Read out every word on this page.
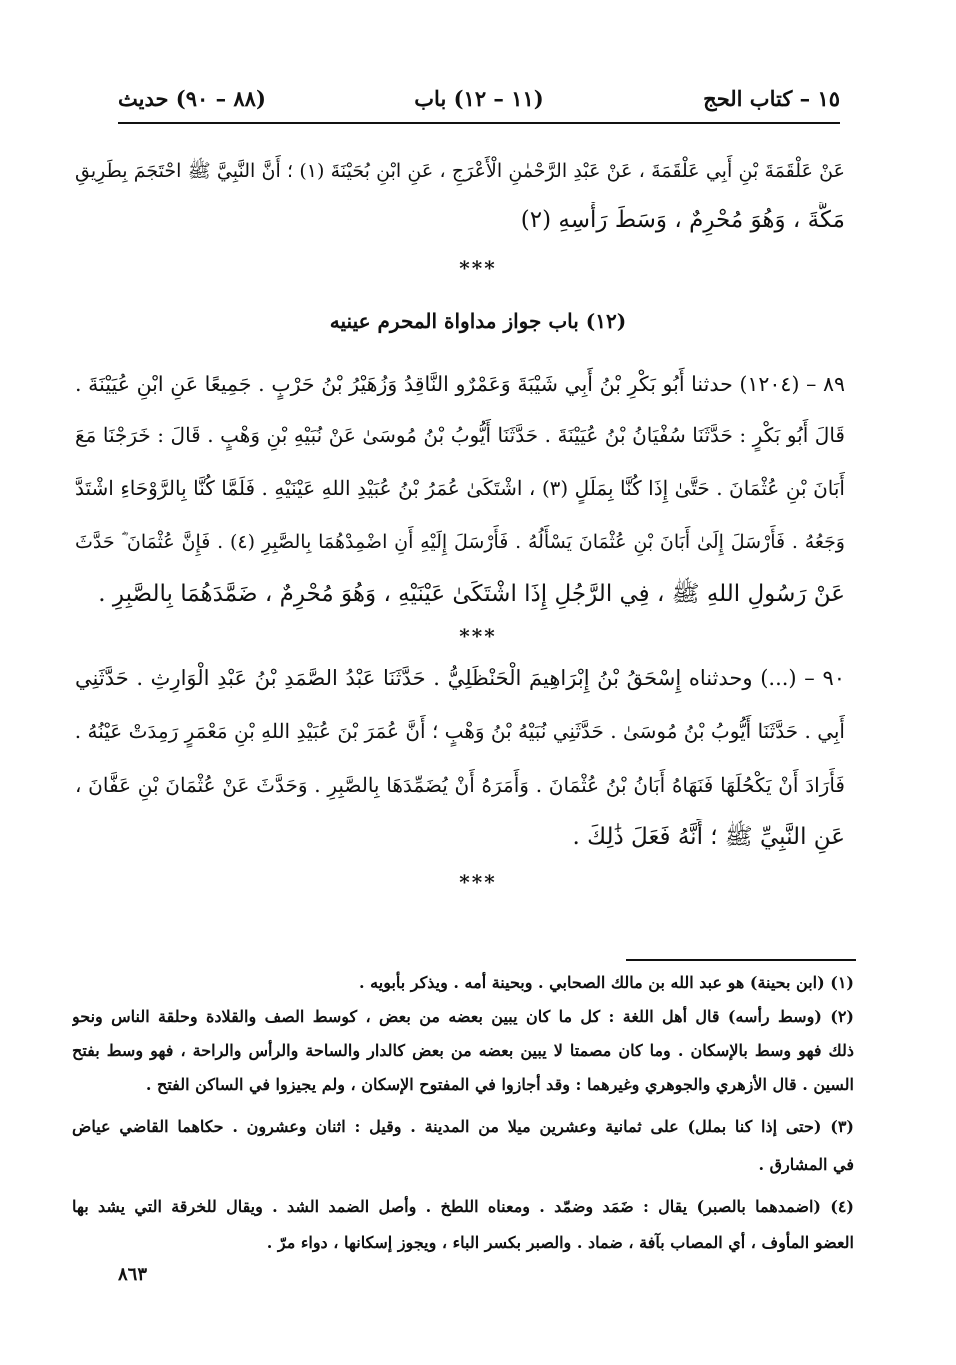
١٥ – كتاب الحج
(١١ – ١٢) باب
(٨٨ – ٩٠) حديث
عَنْ عَلْقَمَةَ بْنِ أَبِي عَلْقَمَةَ ، عَنْ عَبْدِ الرَّحْمٰنِ الْأَعْرَجِ ، عَنِ ابْنِ بُحَيْنَةَ (١) ؛ أَنَّ النَّبِيَّ ﷺ احْتَجَمَ بِطَرِيقِ
مَكَّةَ ، وَهُوَ مُحْرِمٌ ، وَسَطَ رَأْسِهِ (٢)
***
(١٢) باب جواز مداواة المحرم عينيه
٨٩ – (١٢٠٤) حدثنا أَبُو بَكْرِ بْنُ أَبِي شَيْبَةَ وَعَمْرٌو النَّاقِدُ وَزُهَيْرُ بْنُ حَرْبٍ . جَمِيعًا عَنِ ابْنِ عُيَيْنَةَ .
قَالَ أَبُو بَكْرٍ : حَدَّثَنَا سُفْيَانُ بْنُ عُيَيْنَةَ . حَدَّثَنَا أَيُّوبُ بْنُ مُوسَىٰ عَنْ نُبَيْهِ بْنِ وَهْبٍ . قَالَ : خَرَجْنَا مَعَ
أَبَانَ بْنِ عُثْمَانَ . حَتَّىٰ إِذَا كُنَّا بِمَلَلٍ (٣) ، اشْتَكَىٰ عُمَرُ بْنُ عُبَيْدِ اللهِ عَيْنَيْهِ . فَلَمَّا كُنَّا بِالرَّوْحَاءِ اشْتَدَّ
وَجَعُهُ . فَأَرْسَلَ إِلَىٰ أَبَانَ بْنِ عُثْمَانَ يَسْأَلُهُ . فَأَرْسَلَ إِلَيْهِ أَنِ اضْمِدْهُمَا بِالصَّبِرِ (٤) . فَإِنَّ عُثْمَانَ ؓ حَدَّثَ
عَنْ رَسُولِ اللهِ ﷺ ، فِي الرَّجُلِ إِذَا اشْتَكَىٰ عَيْنَيْهِ ، وَهُوَ مُحْرِمٌ ، ضَمَّدَهُمَا بِالصَّبِرِ .
***
٩٠ – (...) وحدثناه إِسْحَقُ بْنُ إِبْرَاهِيمَ الْحَنْظَلِيُّ . حَدَّثَنَا عَبْدُ الصَّمَدِ بْنُ عَبْدِ الْوَارِثِ . حَدَّثَنِي
أَبِي . حَدَّثَنَا أَيُّوبُ بْنُ مُوسَىٰ . حَدَّثَنِي نُبَيْهُ بْنُ وَهْبٍ ؛ أَنَّ عُمَرَ بْنَ عُبَيْدِ اللهِ بْنِ مَعْمَرٍ رَمِدَتْ عَيْنُهُ .
فَأَرَادَ أَنْ يَكْحُلَهَا فَنَهَاهُ أَبَانُ بْنُ عُثْمَانَ . وَأَمَرَهُ أَنْ يُضَمِّدَهَا بِالصَّبِرِ . وَحَدَّثَ عَنْ عُثْمَانَ بْنِ عَفَّانَ ،
عَنِ النَّبِيِّ ﷺ ؛ أَنَّهُ فَعَلَ ذَٰلِكَ .
***
(١) (ابن بحينة) هو عبد الله بن مالك الصحابي . وبحينة أمه . ويذكر بأبويه .
(٢) (وسط رأسه) قال أهل اللغة : كل ما كان يبين بعضه من بعض ، كوسط الصف والقلادة وحلقة الناس ونحو
ذلك فهو وسط بالإسكان . وما كان مصمتا لا يبين بعضه من بعض كالدار والساحة والرأس والراحة ، فهو وسط بفتح
السين . قال الأزهري والجوهري وغيرهما : وقد أجازوا في المفتوح الإسكان ، ولم يجيزوا في الساكن الفتح .
(٣) (حتى إذا كنا بملل) على ثمانية وعشرين ميلا من المدينة . وقيل : اثنان وعشرون . حكاهما القاضي عياض
في المشارق .
(٤) (اضمدهما بالصبر) يقال : ضَمَد وضمّد . ومعناه اللطخ . وأصل الضمد الشد . ويقال للخرقة التي يشد بها
العضو المأوف ، أي المصاب بآفة ، ضماد . والصبر بكسر الباء ، ويجوز إسكانها ، دواء مرّ .
٨٦٣
